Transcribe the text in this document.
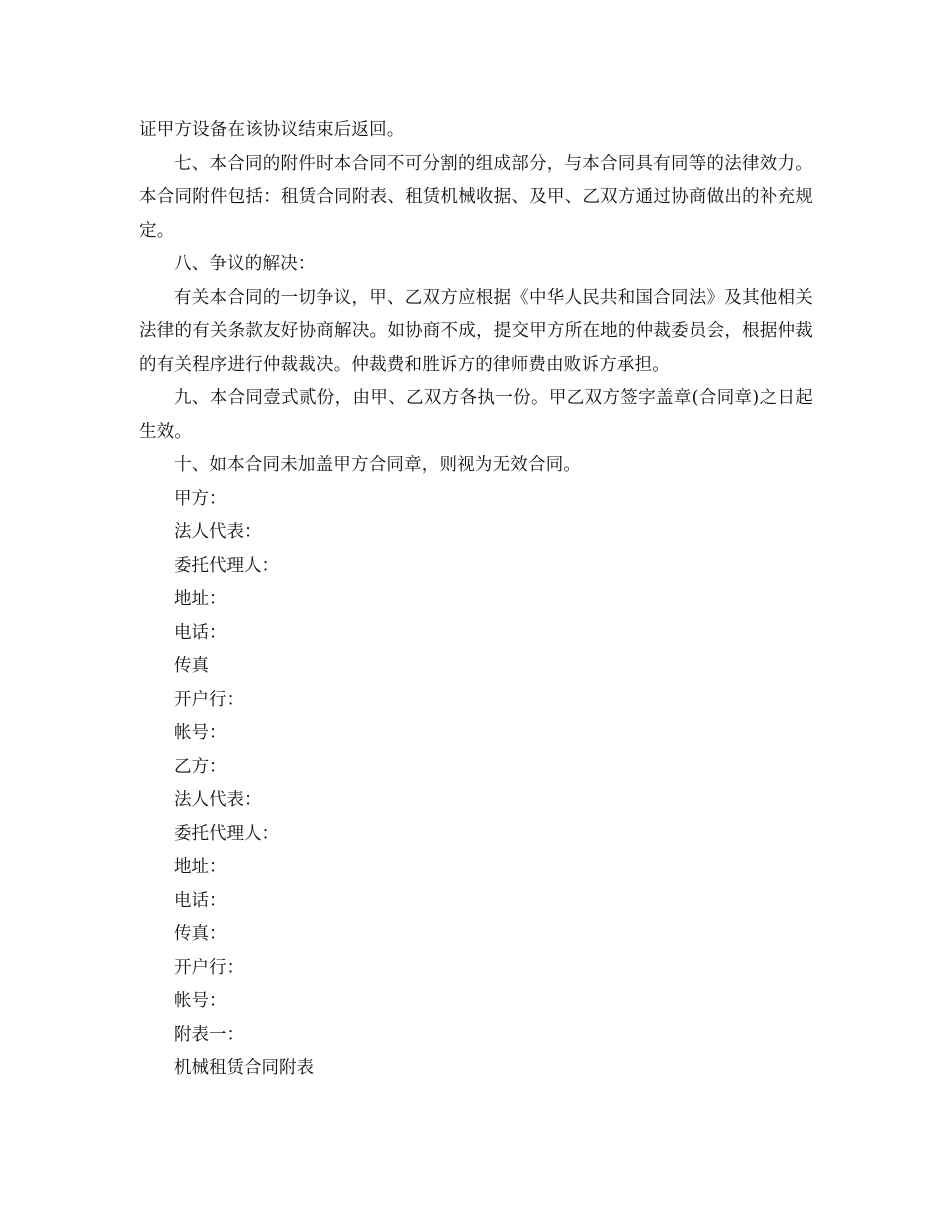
证甲方设备在该协议结束后返回。

七、本合同的附件时本合同不可分割的组成部分，与本合同具有同等的法律效力。本合同附件包括：租赁合同附表、租赁机械收据、及甲、乙双方通过协商做出的补充规定。

八、争议的解决：

有关本合同的一切争议，甲、乙双方应根据《中华人民共和国合同法》及其他相关法律的有关条款友好协商解决。如协商不成，提交甲方所在地的仲裁委员会，根据仲裁的有关程序进行仲裁裁决。仲裁费和胜诉方的律师费由败诉方承担。

九、本合同壹式贰份，由甲、乙双方各执一份。甲乙双方签字盖章(合同章)之日起生效。

十、如本合同未加盖甲方合同章，则视为无效合同。

甲方：

法人代表：

委托代理人：

地址：

电话：

传真

开户行：

帐号：

乙方：

法人代表：

委托代理人：

地址：

电话：

传真：

开户行：

帐号：

附表一：

机械租赁合同附表
